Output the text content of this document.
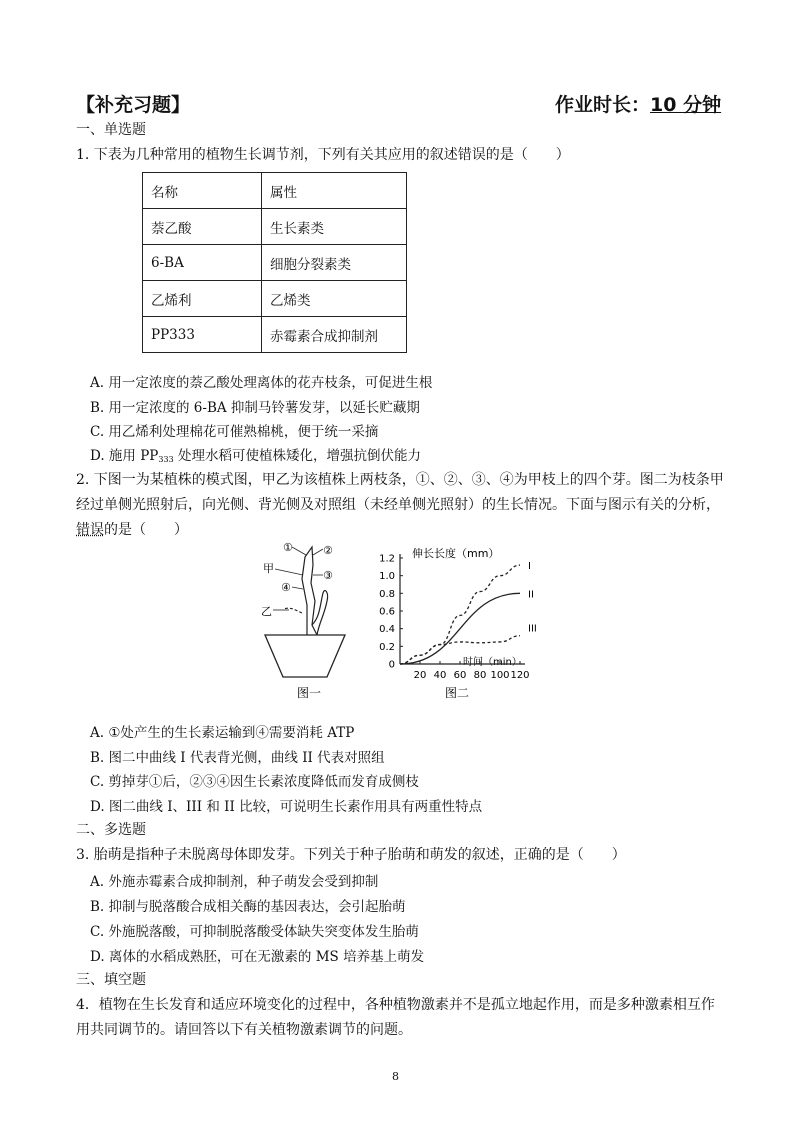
【补充习题】	作业时长：10 分钟
一、单选题
1. 下表为几种常用的植物生长调节剂，下列有关其应用的叙述错误的是（　　）
名称	属性
萘乙酸	生长素类
6-BA	细胞分裂素类
乙烯利	乙烯类
PP333	赤霉素合成抑制剂
A. 用一定浓度的萘乙酸处理离体的花卉枝条，可促进生根
B. 用一定浓度的 6-BA 抑制马铃薯发芽，以延长贮藏期
C. 用乙烯利处理棉花可催熟棉桃，便于统一采摘
D. 施用 $PP_{333}$ 处理水稻可使植株矮化，增强抗倒伏能力
2. 下图一为某植株的模式图，甲乙为该植株上两枝条，①、②、③、④为甲枝上的四个芽。图二为枝条甲
经过单侧光照射后，向光侧、背光侧及对照组（未经单侧光照射）的生长情况。下面与图示有关的分析，
错误的是（　　）
①	②
③
④
甲
乙
图一
伸长长度（mm）
时间（min）
1.2
1.0
0.8
0.6
0.4
0.2
0
20 40 60 80 100 120
I
II
III
图二
A. ①处产生的生长素运输到④需要消耗 ATP
B. 图二中曲线 I 代表背光侧，曲线 II 代表对照组
C. 剪掉芽①后，②③④因生长素浓度降低而发育成侧枝
D. 图二曲线 I、III 和 II 比较，可说明生长素作用具有两重性特点
二、多选题
3. 胎萌是指种子未脱离母体即发芽。下列关于种子胎萌和萌发的叙述，正确的是（　　）
A. 外施赤霉素合成抑制剂，种子萌发会受到抑制
B. 抑制与脱落酸合成相关酶的基因表达，会引起胎萌
C. 外施脱落酸，可抑制脱落酸受体缺失突变体发生胎萌
D. 离体的水稻成熟胚，可在无激素的 MS 培养基上萌发
三、填空题
4．植物在生长发育和适应环境变化的过程中，各种植物激素并不是孤立地起作用，而是多种激素相互作
用共同调节的。请回答以下有关植物激素调节的问题。
8
